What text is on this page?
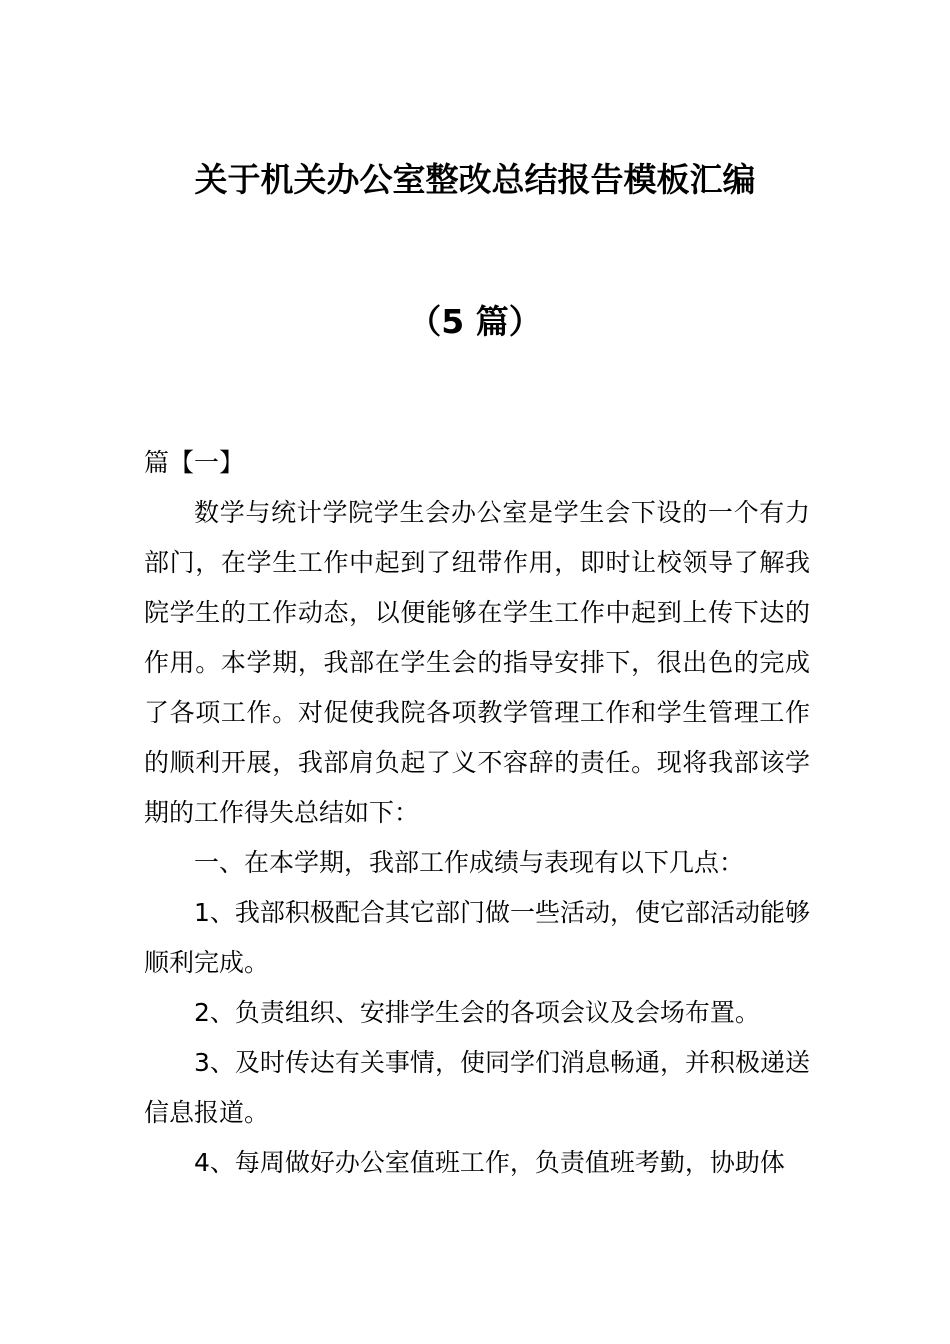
关于机关办公室整改总结报告模板汇编
（5 篇）

篇【一】

数学与统计学院学生会办公室是学生会下设的一个有力部门，在学生工作中起到了纽带作用，即时让校领导了解我院学生的工作动态，以便能够在学生工作中起到上传下达的作用。本学期，我部在学生会的指导安排下，很出色的完成了各项工作。对促使我院各项教学管理工作和学生管理工作的顺利开展，我部肩负起了义不容辞的责任。现将我部该学期的工作得失总结如下：

一、在本学期，我部工作成绩与表现有以下几点：

1、我部积极配合其它部门做一些活动，使它部活动能够顺利完成。

2、负责组织、安排学生会的各项会议及会场布置。

3、及时传达有关事情，使同学们消息畅通，并积极递送信息报道。

4、每周做好办公室值班工作，负责值班考勤，协助体
